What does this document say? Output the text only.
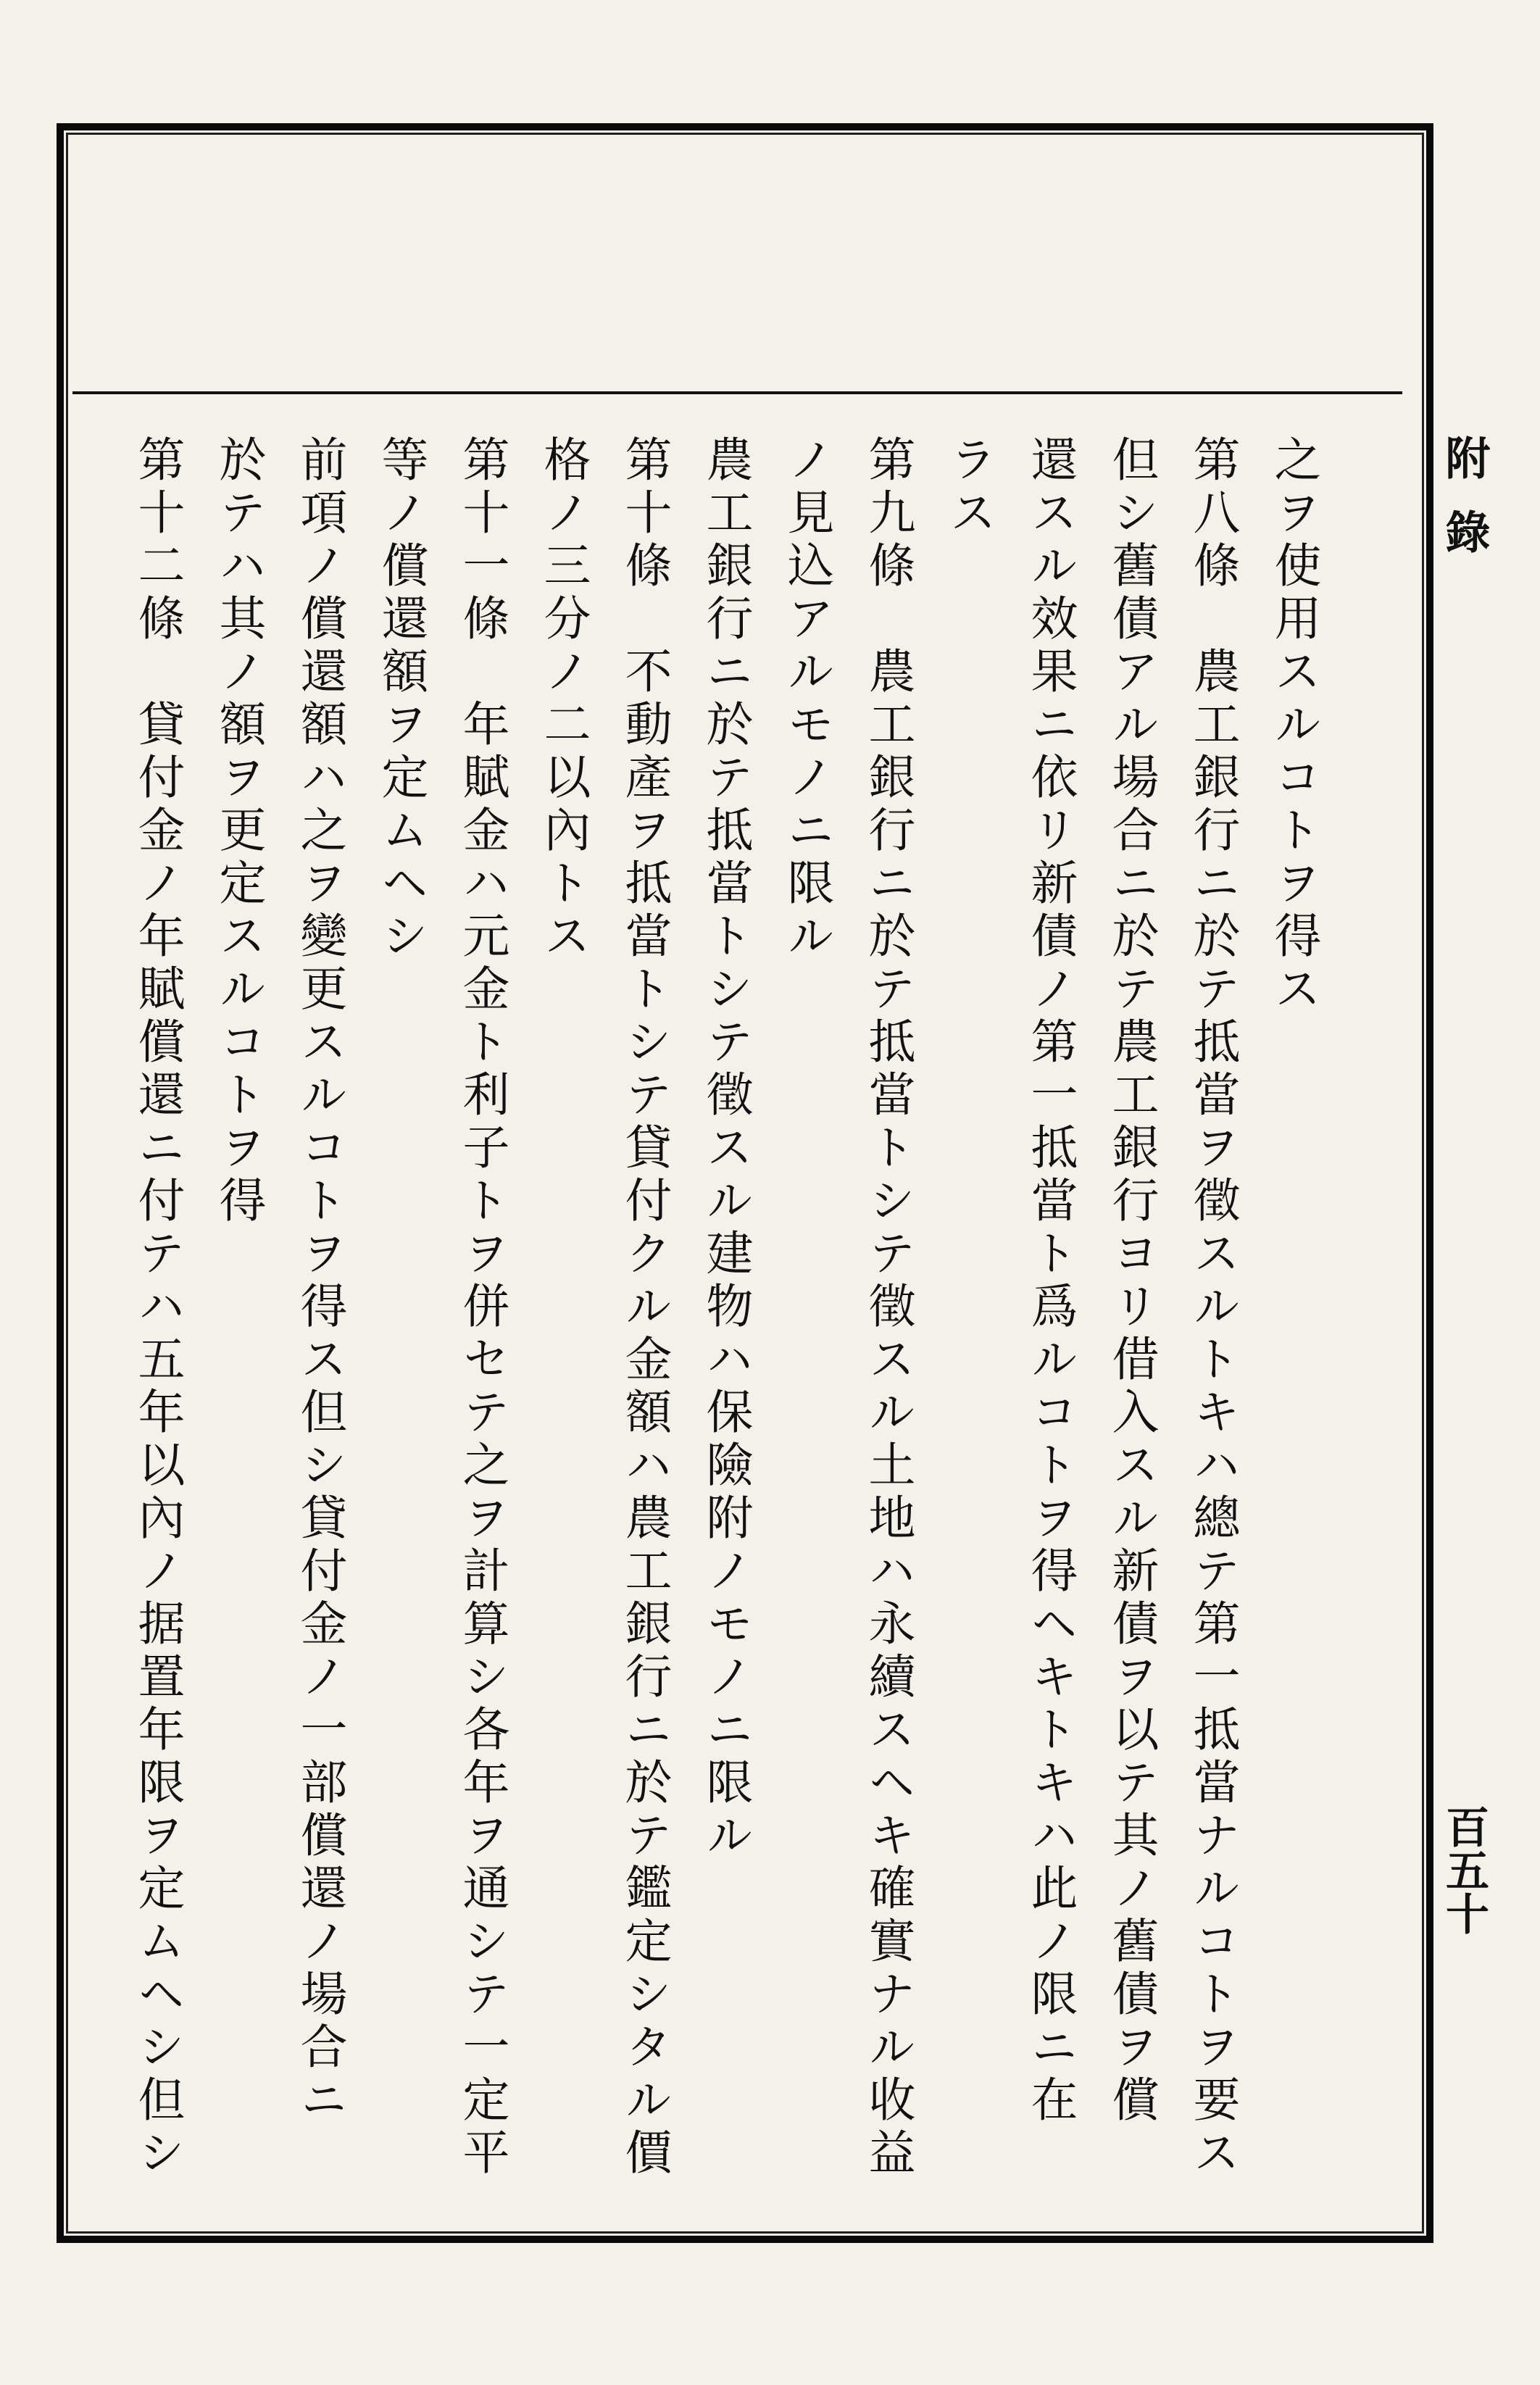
附錄
百五十
之ヲ使用スルコトヲ得ス
第八條　農工銀行ニ於テ抵當ヲ徵スルトキハ總テ第一抵當ナルコトヲ要ス
但シ舊債アル場合ニ於テ農工銀行ヨリ借入スル新債ヲ以テ其ノ舊債ヲ償
還スル效果ニ依リ新債ノ第一抵當ト爲ルコトヲ得ヘキトキハ此ノ限ニ在
ラス
第九條　農工銀行ニ於テ抵當トシテ徵スル土地ハ永續スヘキ確實ナル收益
ノ見込アルモノニ限ル
農工銀行ニ於テ抵當トシテ徵スル建物ハ保險附ノモノニ限ル
第十條　不動產ヲ抵當トシテ貸付クル金額ハ農工銀行ニ於テ鑑定シタル價
格ノ三分ノ二以內トス
第十一條　年賦金ハ元金ト利子トヲ併セテ之ヲ計算シ各年ヲ通シテ一定平
等ノ償還額ヲ定ムヘシ
前項ノ償還額ハ之ヲ變更スルコトヲ得ス但シ貸付金ノ一部償還ノ場合ニ
於テハ其ノ額ヲ更定スルコトヲ得
第十二條　貸付金ノ年賦償還ニ付テハ五年以內ノ据置年限ヲ定ムヘシ但シ
